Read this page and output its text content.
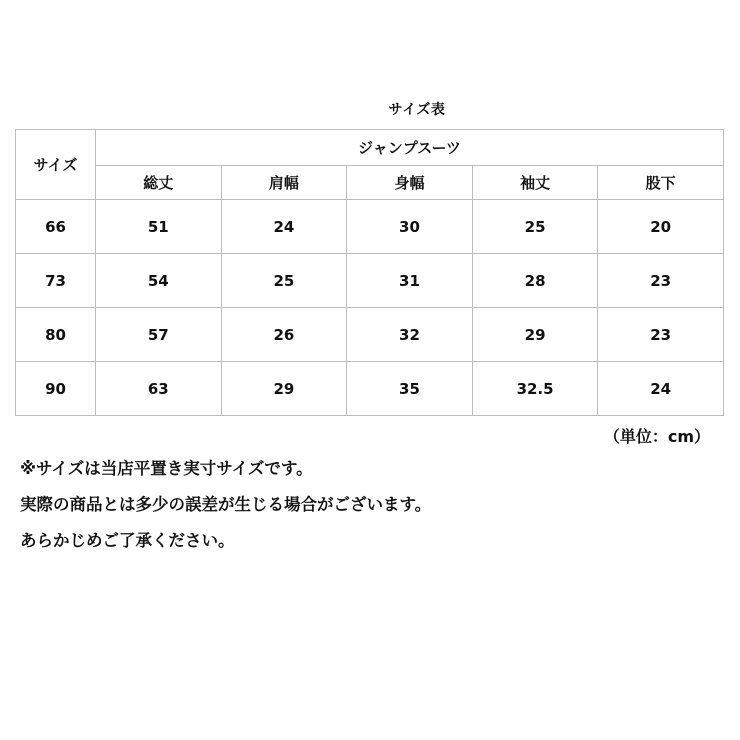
サイズ表
サイズ	ジャンプスーツ				
	総丈	肩幅	身幅	袖丈	股下
66	51	24	30	25	20
73	54	25	31	28	23
80	57	26	32	29	23
90	63	29	35	32.5	24
（単位：cm）
※サイズは当店平置き実寸サイズです。
実際の商品とは多少の誤差が生じる場合がございます。
あらかじめご了承ください。
